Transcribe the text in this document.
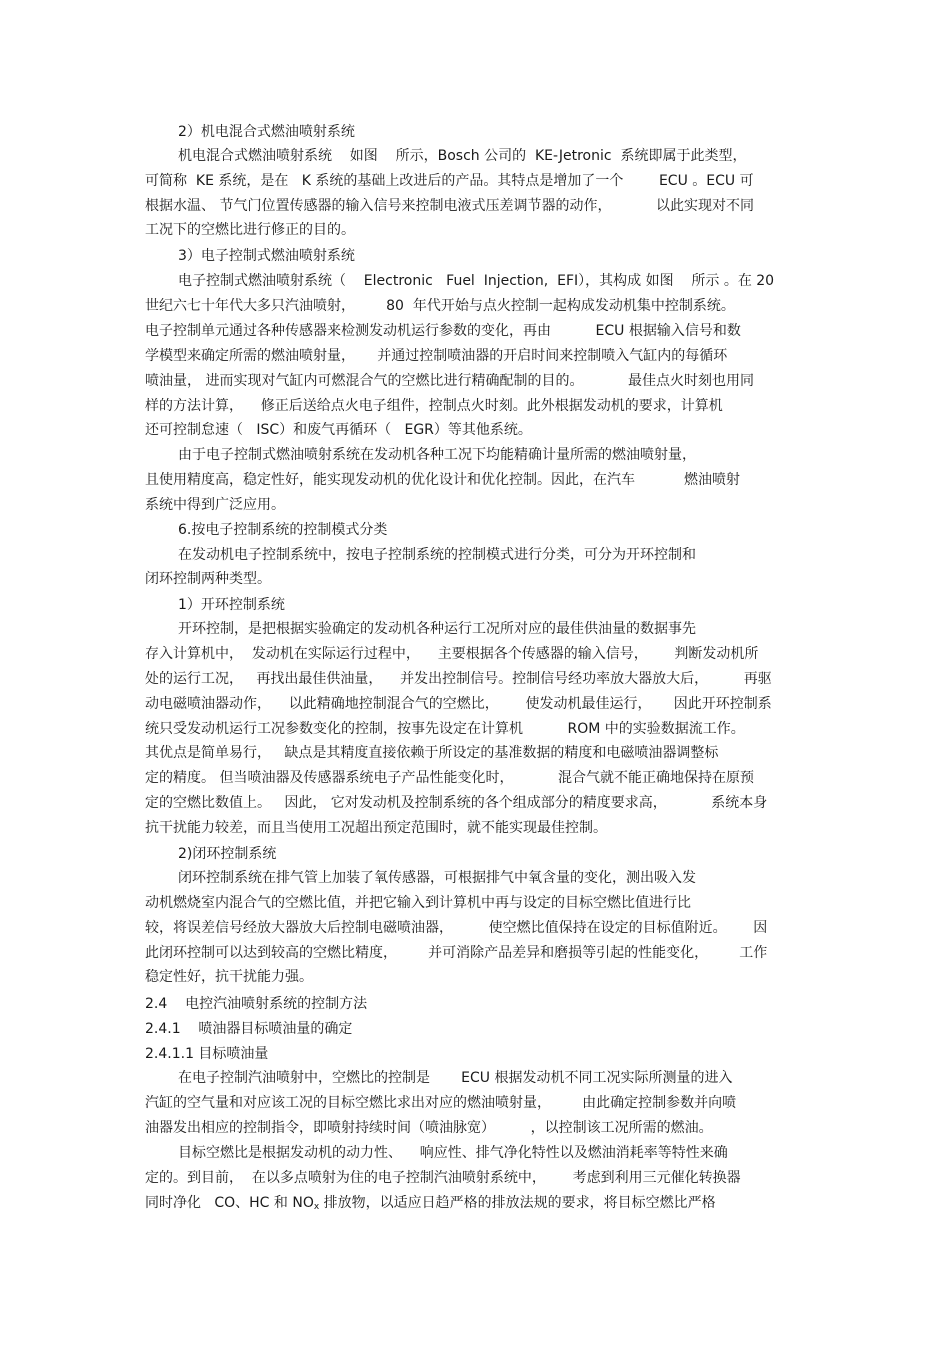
2）机电混合式燃油喷射系统
机电混合式燃油喷射系统    如图    所示，Bosch 公司的  KE-Jetronic  系统即属于此类型，
可简称  KE 系统，是在   K 系统的基础上改进后的产品。其特点是增加了一个        ECU 。ECU 可
根据水温、 节气门位置传感器的输入信号来控制电液式压差调节器的动作，          以此实现对不同
工况下的空燃比进行修正的目的。
3）电子控制式燃油喷射系统
电子控制式燃油喷射系统（    Electronic   Fuel  Injection,  EFI），其构成 如图    所示 。在 20
世纪六七十年代大多只汽油喷射，       80  年代开始与点火控制一起构成发动机集中控制系统。
电子控制单元通过各种传感器来检测发动机运行参数的变化，再由          ECU 根据输入信号和数
学模型来确定所需的燃油喷射量，     并通过控制喷油器的开启时间来控制喷入气缸内的每循环
喷油量， 进而实现对气缸内可燃混合气的空燃比进行精确配制的目的。          最佳点火时刻也用同
样的方法计算，    修正后送给点火电子组件，控制点火时刻。此外根据发动机的要求，计算机
还可控制怠速（   ISC）和废气再循环（   EGR）等其他系统。
由于电子控制式燃油喷射系统在发动机各种工况下均能精确计量所需的燃油喷射量，
且使用精度高，稳定性好，能实现发动机的优化设计和优化控制。因此，在汽车           燃油喷射
系统中得到广泛应用。
6.按电子控制系统的控制模式分类
在发动机电子控制系统中，按电子控制系统的控制模式进行分类，可分为开环控制和
闭环控制两种类型。
1）开环控制系统
开环控制，是把根据实验确定的发动机各种运行工况所对应的最佳供油量的数据事先
存入计算机中，  发动机在实际运行过程中，    主要根据各个传感器的输入信号，      判断发动机所
处的运行工况，   再找出最佳供油量，    并发出控制信号。控制信号经功率放大器放大后，        再驱
动电磁喷油器动作，    以此精确地控制混合气的空燃比，      使发动机最佳运行，     因此开环控制系
统只受发动机运行工况参数变化的控制，按事先设定在计算机          ROM 中的实验数据流工作。
其优点是简单易行，   缺点是其精度直接依赖于所设定的基准数据的精度和电磁喷油器调整标
定的精度。 但当喷油器及传感器系统电子产品性能变化时，          混合气就不能正确地保持在原预
定的空燃比数值上。   因此， 它对发动机及控制系统的各个组成部分的精度要求高，          系统本身
抗干扰能力较差，而且当使用工况超出预定范围时，就不能实现最佳控制。
2)闭环控制系统
闭环控制系统在排气管上加装了氧传感器，可根据排气中氧含量的变化，测出吸入发
动机燃烧室内混合气的空燃比值，并把它输入到计算机中再与设定的目标空燃比值进行比
较，将误差信号经放大器放大后控制电磁喷油器，        使空燃比值保持在设定的目标值附近。      因
此闭环控制可以达到较高的空燃比精度，       并可消除产品差异和磨损等引起的性能变化，       工作
稳定性好，抗干扰能力强。
2.4    电控汽油喷射系统的控制方法
2.4.1    喷油器目标喷油量的确定
2.4.1.1 目标喷油量
在电子控制汽油喷射中，空燃比的控制是       ECU 根据发动机不同工况实际所测量的进入
汽缸的空气量和对应该工况的目标空燃比求出对应的燃油喷射量，       由此确定控制参数并向喷
油器发出相应的控制指令，即喷射持续时间（喷油脉宽）        ，以控制该工况所需的燃油。
目标空燃比是根据发动机的动力性、    响应性、排气净化特性以及燃油消耗率等特性来确
定的。到目前，  在以多点喷射为住的电子控制汽油喷射系统中，      考虑到利用三元催化转换器
同时净化   CO、HC 和 $NO_x$ 排放物，以适应日趋严格的排放法规的要求，将目标空燃比严格
